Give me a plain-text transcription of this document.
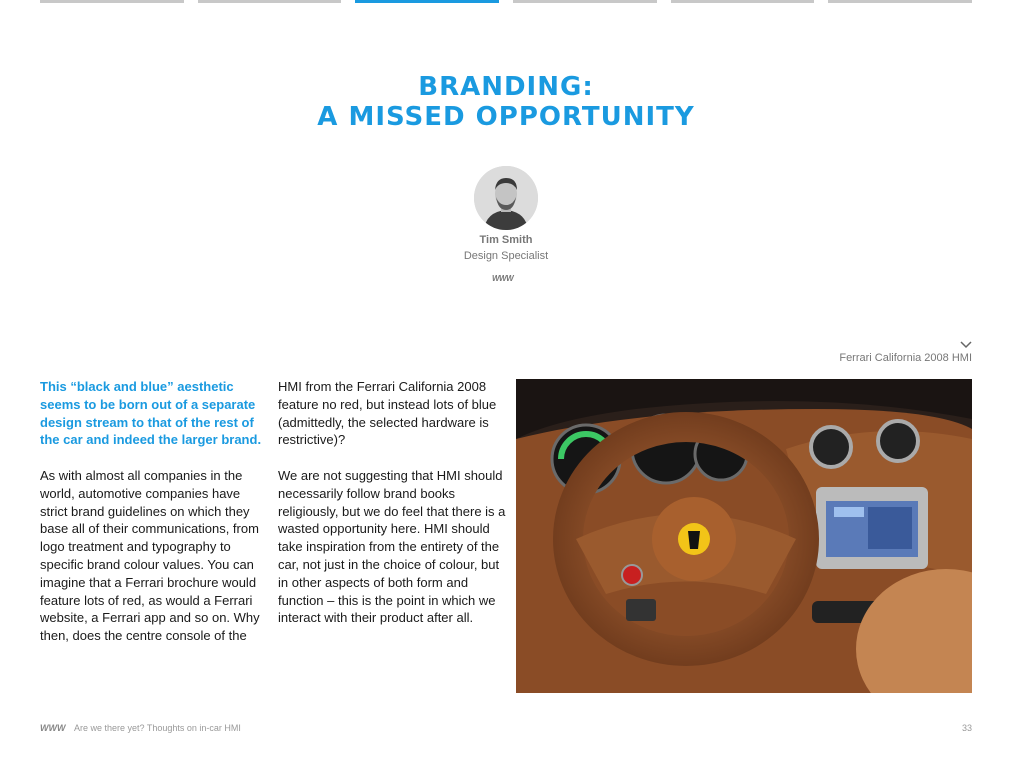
BRANDING:
A MISSED OPPORTUNITY
Tim Smith
Design Specialist
WWW
Ferrari California 2008 HMI

This “black and blue” aesthetic seems to be born out of a separate design stream to that of the rest of the car and indeed the larger brand.

As with almost all companies in the world, automotive companies have strict brand guidelines on which they base all of their communications, from logo treatment and typography to specific brand colour values. You can imagine that a Ferrari brochure would feature lots of red, as would a Ferrari website, a Ferrari app and so on. Why then, does the centre console of the

HMI from the Ferrari California 2008 feature no red, but instead lots of blue (admittedly, the selected hardware is restrictive)?

We are not suggesting that HMI should necessarily follow brand books religiously, but we do feel that there is a wasted opportunity here. HMI should take inspiration from the entirety of the car, not just in the choice of colour, but in other aspects of both form and function – this is the point in which we interact with their product after all.

WWW Are we there yet? Thoughts on in-car HMI	33
